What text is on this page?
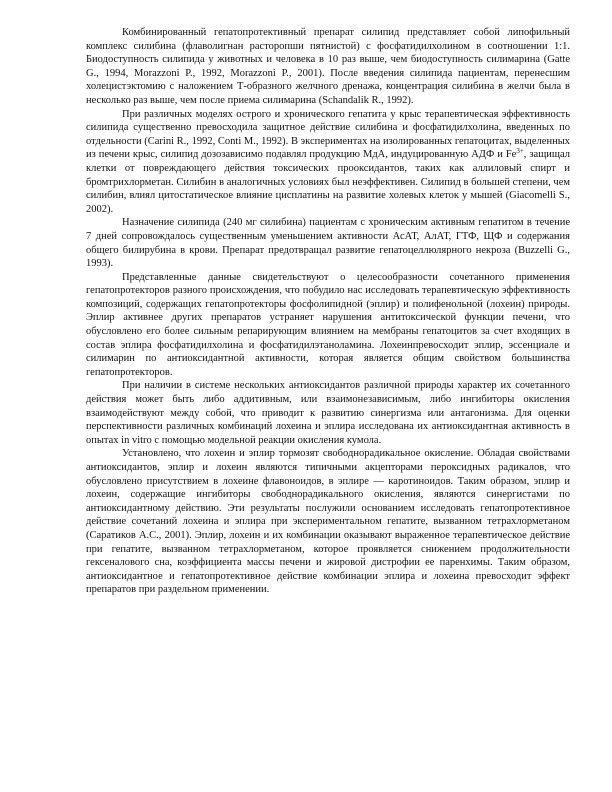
Комбинированный гепатопротективный препарат силипид представляет собой липофильный комплекс силибина (флаволигнан расторопши пятнистой) с фосфатидилхолином в соотношении 1:1. Биодоступность силипида у животных и человека в 10 раз выше, чем биодоступность силимарина (Gatte G., 1994, Morazzoni P., 1992, Morazzoni P., 2001). После введения силипида пациентам, перенесшим холецистэктомию с наложением Т-образного желчного дренажа, концентрация силибина в желчи была в несколько раз выше, чем после приема силимарина (Schandalik R., 1992).

При различных моделях острого и хронического гепатита у крыс терапевтическая эффективность силипида существенно превосходила защитное действие силибина и фосфатидилхолина, введенных по отдельности (Carini R., 1992, Conti M., 1992). В экспериментах на изолированных гепатоцитах, выделенных из печени крыс, силипид дозозависимо подавлял продукцию МдА, индуцированную АДФ и $Fe^{3+}$, защищал клетки от повреждающего действия токсических прооксидантов, таких как аллиловый спирт и бромтрихлорметан. Силибин в аналогичных условиях был неэффективен. Силипид в большей степени, чем силибин, влиял цитостатическое влияние цисплатины на развитие холевых клеток у мышей (Giacomelli S., 2002).

Назначение силипида (240 мг силибина) пациентам с хроническим активным гепатитом в течение 7 дней сопровождалось существенным уменьшением активности АсАТ, АлАТ, ГТФ, ЩФ и содержания общего билирубина в крови. Препарат предотвращал развитие гепатоцеллюлярного некроза (Buzzelli G., 1993).

Представленные данные свидетельствуют о целесообразности сочетанного применения гепатопротекторов разного происхождения, что побудило нас исследовать терапевтическую эффективность композиций, содержащих гепатопротекторы фосфолипидной (эплир) и полифенольной (лохеин) природы. Эплир активнее других препаратов устраняет нарушения антитоксической функции печени, что обусловлено его более сильным репарирующим влиянием на мембраны гепатоцитов за счет входящих в состав эплира фосфатидилхолина и фосфатидилэтаноламина. Лохеинпревосходит эплир, эссенциале и силимарин по антиоксидантной активности, которая является общим свойством большинства гепатопротекторов.

При наличии в системе нескольких антиоксидантов различной природы характер их сочетанного действия может быть либо аддитивным, или взаимонезависимым, либо ингибиторы окисления взаимодействуют между собой, что приводит к развитию синергизма или антагонизма. Для оценки перспективности различных комбинаций лохеина и эплира исследована их антиоксидантная активность в опытах in vitro с помощью модельной реакции окисления кумола.

Установлено, что лохеин и эплир тормозят свободнорадикальное окисление. Обладая свойствами антиоксидантов, эплир и лохеин являются типичными акцепторами пероксидных радикалов, что обусловлено присутствием в лохеине флавоноидов, в эплире — каротиноидов. Таким образом, эплир и лохеин, содержащие ингибиторы свободнорадикального окисления, являются синергистами по антиоксидантному действию. Эти результаты послужили основанием исследовать гепатопротективное действие сочетаний лохеина и эплира при экспериментальном гепатите, вызванном тетрахлорметаном (Саратиков А.С., 2001). Эплир, лохеин и их комбинации оказывают выраженное терапевтическое действие при гепатите, вызванном тетрахлорметаном, которое проявляется снижением продолжительности гексеналового сна, коэффициента массы печени и жировой дистрофии ее паренхимы. Таким образом, антиоксидантное и гепатопротективное действие комбинации эплира и лохеина превосходит эффект препаратов при раздельном применении.
